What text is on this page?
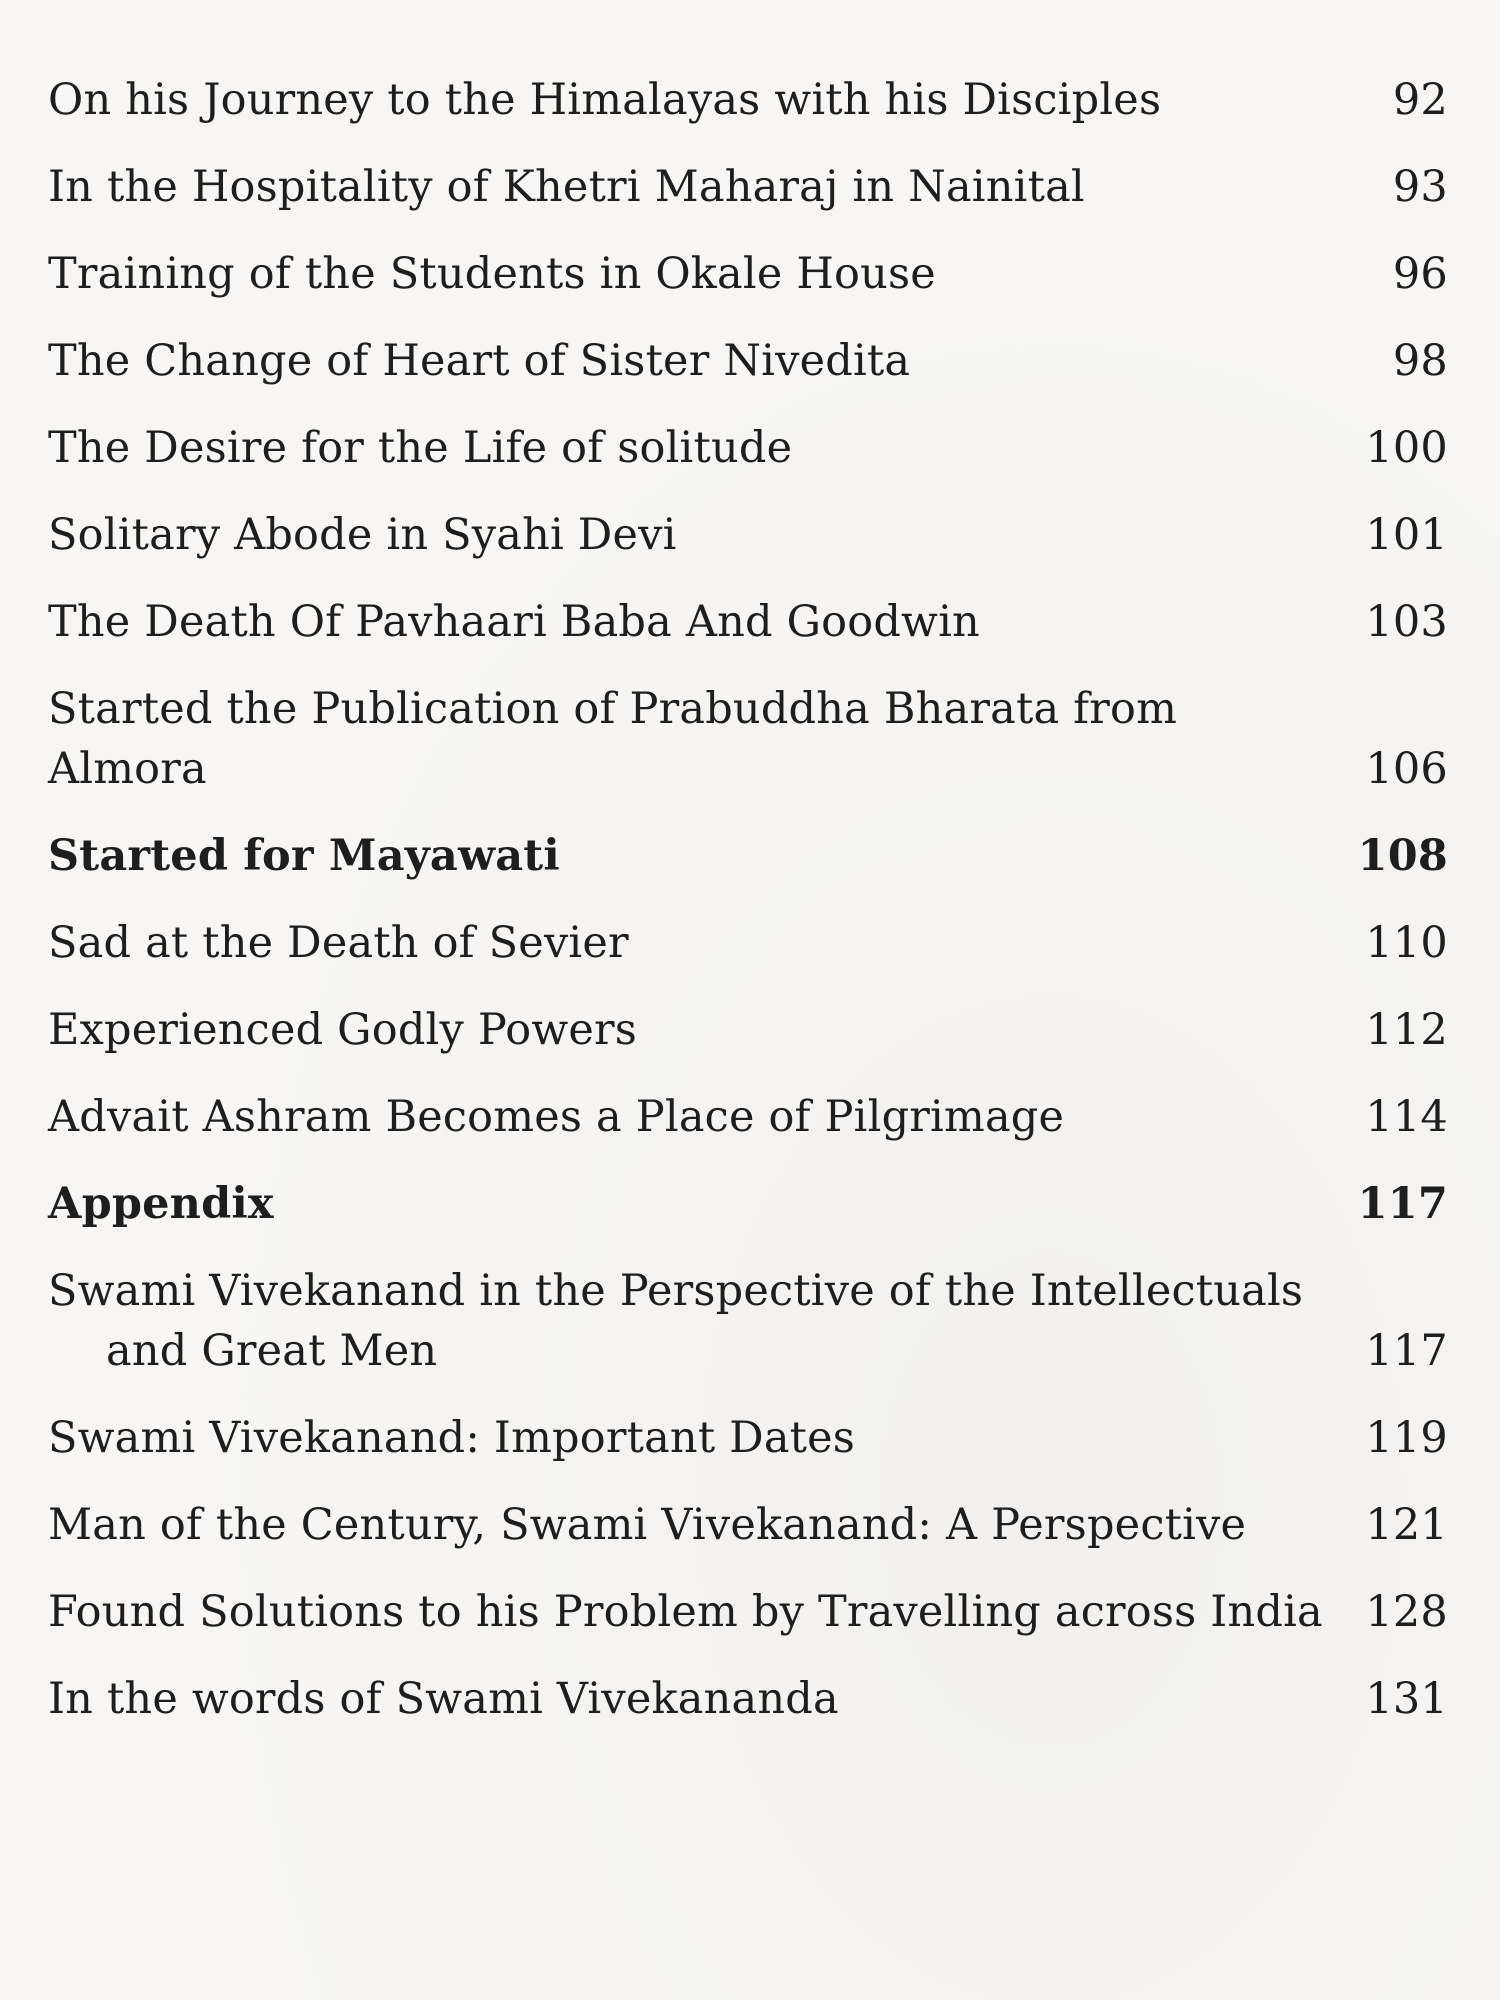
On his Journey to the Himalayas with his Disciples	92
In the Hospitality of Khetri Maharaj in Nainital	93
Training of the Students in Okale House	96
The Change of Heart of Sister Nivedita	98
The Desire for the Life of solitude	100
Solitary Abode in Syahi Devi	101
The Death Of Pavhaari Baba And Goodwin	103
Started the Publication of Prabuddha Bharata from Almora	106
Started for Mayawati	108
Sad at the Death of Sevier	110
Experienced Godly Powers	112
Advait Ashram Becomes a Place of Pilgrimage	114
Appendix	117
Swami Vivekanand in the Perspective of the Intellectuals
and Great Men	117
Swami Vivekanand: Important Dates	119
Man of the Century, Swami Vivekanand: A Perspective	121
Found Solutions to his Problem by Travelling across India 128
In the words of Swami Vivekananda	131
